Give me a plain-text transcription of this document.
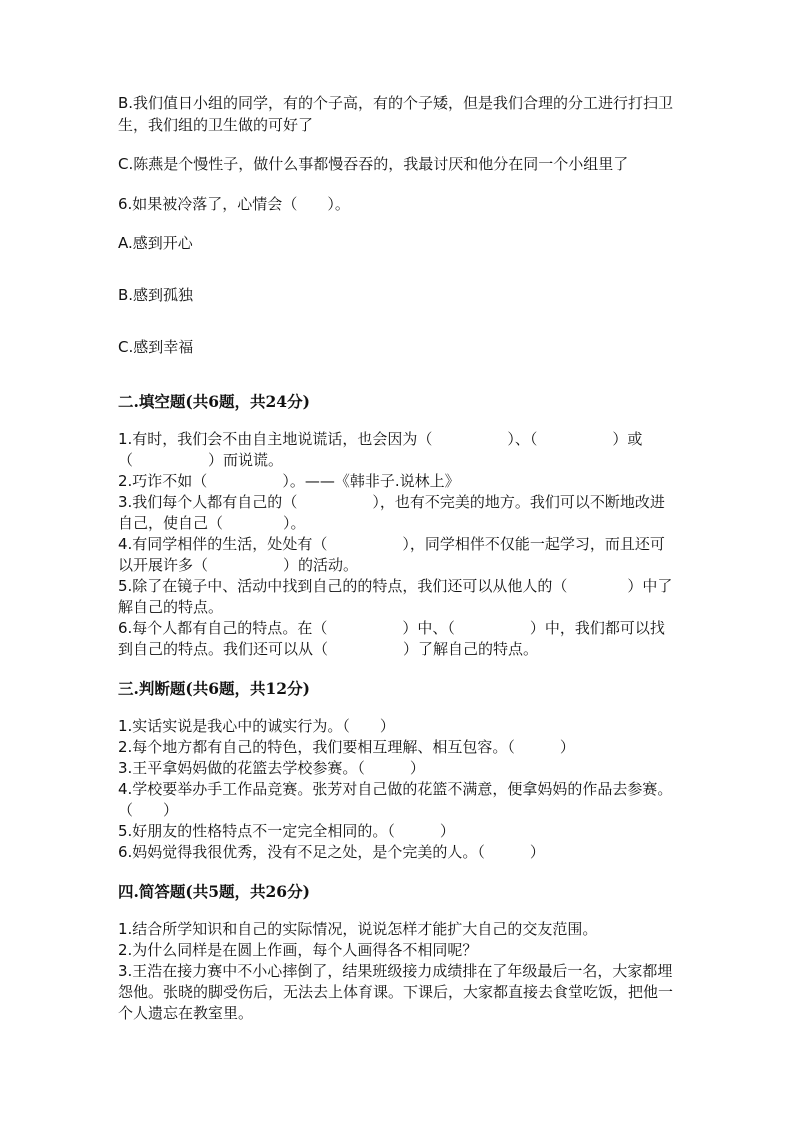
B.我们值日小组的同学，有的个子高，有的个子矮，但是我们合理的分工进行打扫卫生，我们组的卫生做的可好了

C.陈燕是个慢性子，做什么事都慢吞吞的，我最讨厌和他分在同一个小组里了

6.如果被冷落了，心情会（　　）。

A.感到开心

B.感到孤独

C.感到幸福

二.填空题(共6题，共24分)

1.有时，我们会不由自主地说谎话，也会因为（　　　　　）、（　　　　　）或（　　　　　）而说谎。

2.巧诈不如（　　　　　）。——《韩非子.说林上》

3.我们每个人都有自己的（　　　　　），也有不完美的地方。我们可以不断地改进自己，使自己（　　　　）。

4.有同学相伴的生活，处处有（　　　　　），同学相伴不仅能一起学习，而且还可以开展许多（　　　　　）的活动。

5.除了在镜子中、活动中找到自己的的特点，我们还可以从他人的（　　　　）中了解自己的特点。

6.每个人都有自己的特点。在（　　　　　）中、（　　　　　）中，我们都可以找到自己的特点。我们还可以从（　　　　　）了解自己的特点。

三.判断题(共6题，共12分)

1.实话实说是我心中的诚实行为。（　　）

2.每个地方都有自己的特色，我们要相互理解、相互包容。（　　　）

3.王平拿妈妈做的花篮去学校参赛。（　　　）

4.学校要举办手工作品竞赛。张芳对自己做的花篮不满意，便拿妈妈的作品去参赛。（　　）

5.好朋友的性格特点不一定完全相同的。（　　　）

6.妈妈觉得我很优秀，没有不足之处，是个完美的人。（　　　）

四.简答题(共5题，共26分)

1.结合所学知识和自己的实际情况，说说怎样才能扩大自己的交友范围。

2.为什么同样是在圆上作画，每个人画得各不相同呢？

3.王浩在接力赛中不小心摔倒了，结果班级接力成绩排在了年级最后一名，大家都埋怨他。张晓的脚受伤后，无法去上体育课。下课后，大家都直接去食堂吃饭，把他一个人遗忘在教室里。
